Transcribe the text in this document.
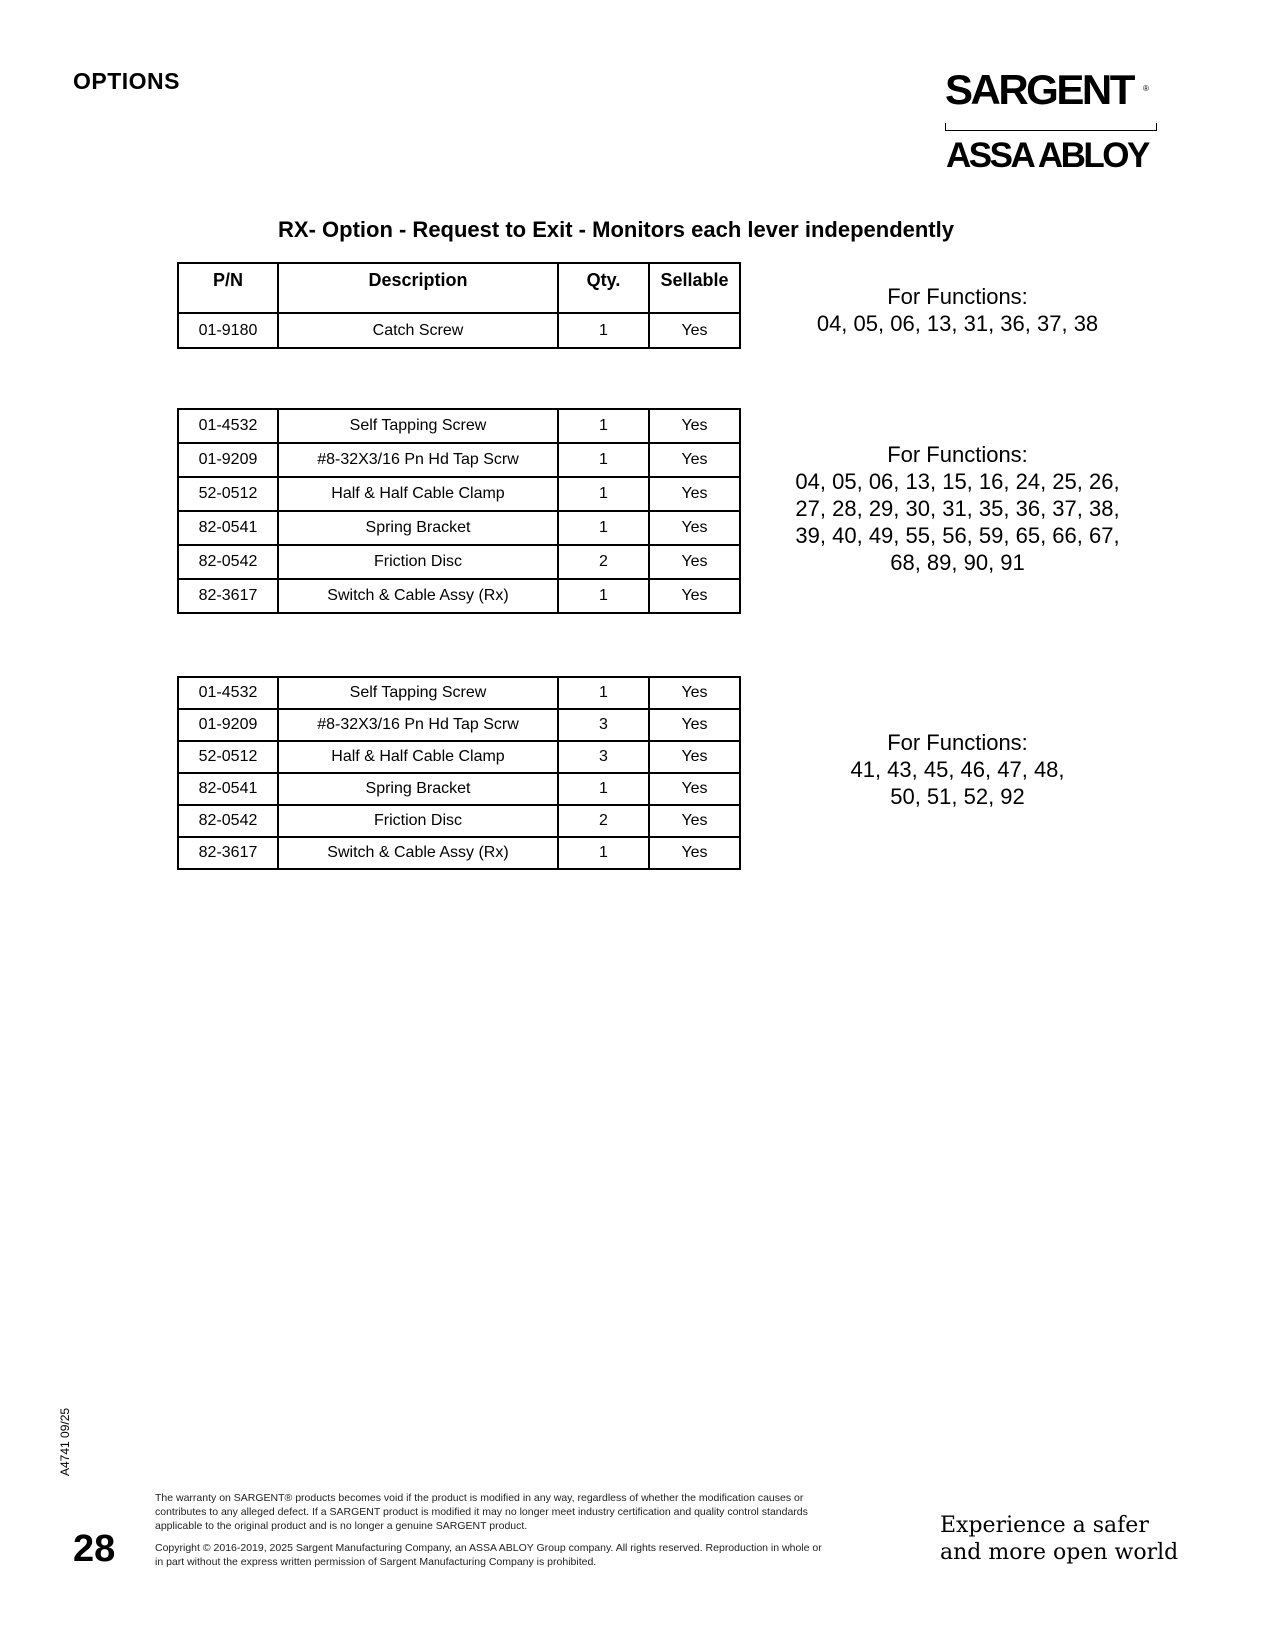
OPTIONS	SARGENT ®
ASSA ABLOY
RX- Option - Request to Exit - Monitors each lever independently
P/N	Description	Qty.	Sellable
01-9180	Catch Screw	1	Yes
For Functions:
04, 05, 06, 13, 31, 36, 37, 38
01-4532	Self Tapping Screw	1	Yes
01-9209	#8-32X3/16 Pn Hd Tap Scrw	1	Yes
52-0512	Half & Half Cable Clamp	1	Yes
82-0541	Spring Bracket	1	Yes
82-0542	Friction Disc	2	Yes
82-3617	Switch & Cable Assy (Rx)	1	Yes
For Functions:
04, 05, 06, 13, 15, 16, 24, 25, 26,
27, 28, 29, 30, 31, 35, 36, 37, 38,
39, 40, 49, 55, 56, 59, 65, 66, 67,
68, 89, 90, 91
01-4532	Self Tapping Screw	1	Yes
01-9209	#8-32X3/16 Pn Hd Tap Scrw	3	Yes
52-0512	Half & Half Cable Clamp	3	Yes
82-0541	Spring Bracket	1	Yes
82-0542	Friction Disc	2	Yes
82-3617	Switch & Cable Assy (Rx)	1	Yes
For Functions:
41, 43, 45, 46, 47, 48,
50, 51, 52, 92
A4741 09/25
28
The warranty on SARGENT® products becomes void if the product is modified in any way, regardless of whether the modification causes or contributes to any alleged defect. If a SARGENT product is modified it may no longer meet industry certification and quality control standards applicable to the original product and is no longer a genuine SARGENT product.
Copyright © 2016-2019, 2025 Sargent Manufacturing Company, an ASSA ABLOY Group company. All rights reserved. Reproduction in whole or in part without the express written permission of Sargent Manufacturing Company is prohibited.
Experience a safer
and more open world
